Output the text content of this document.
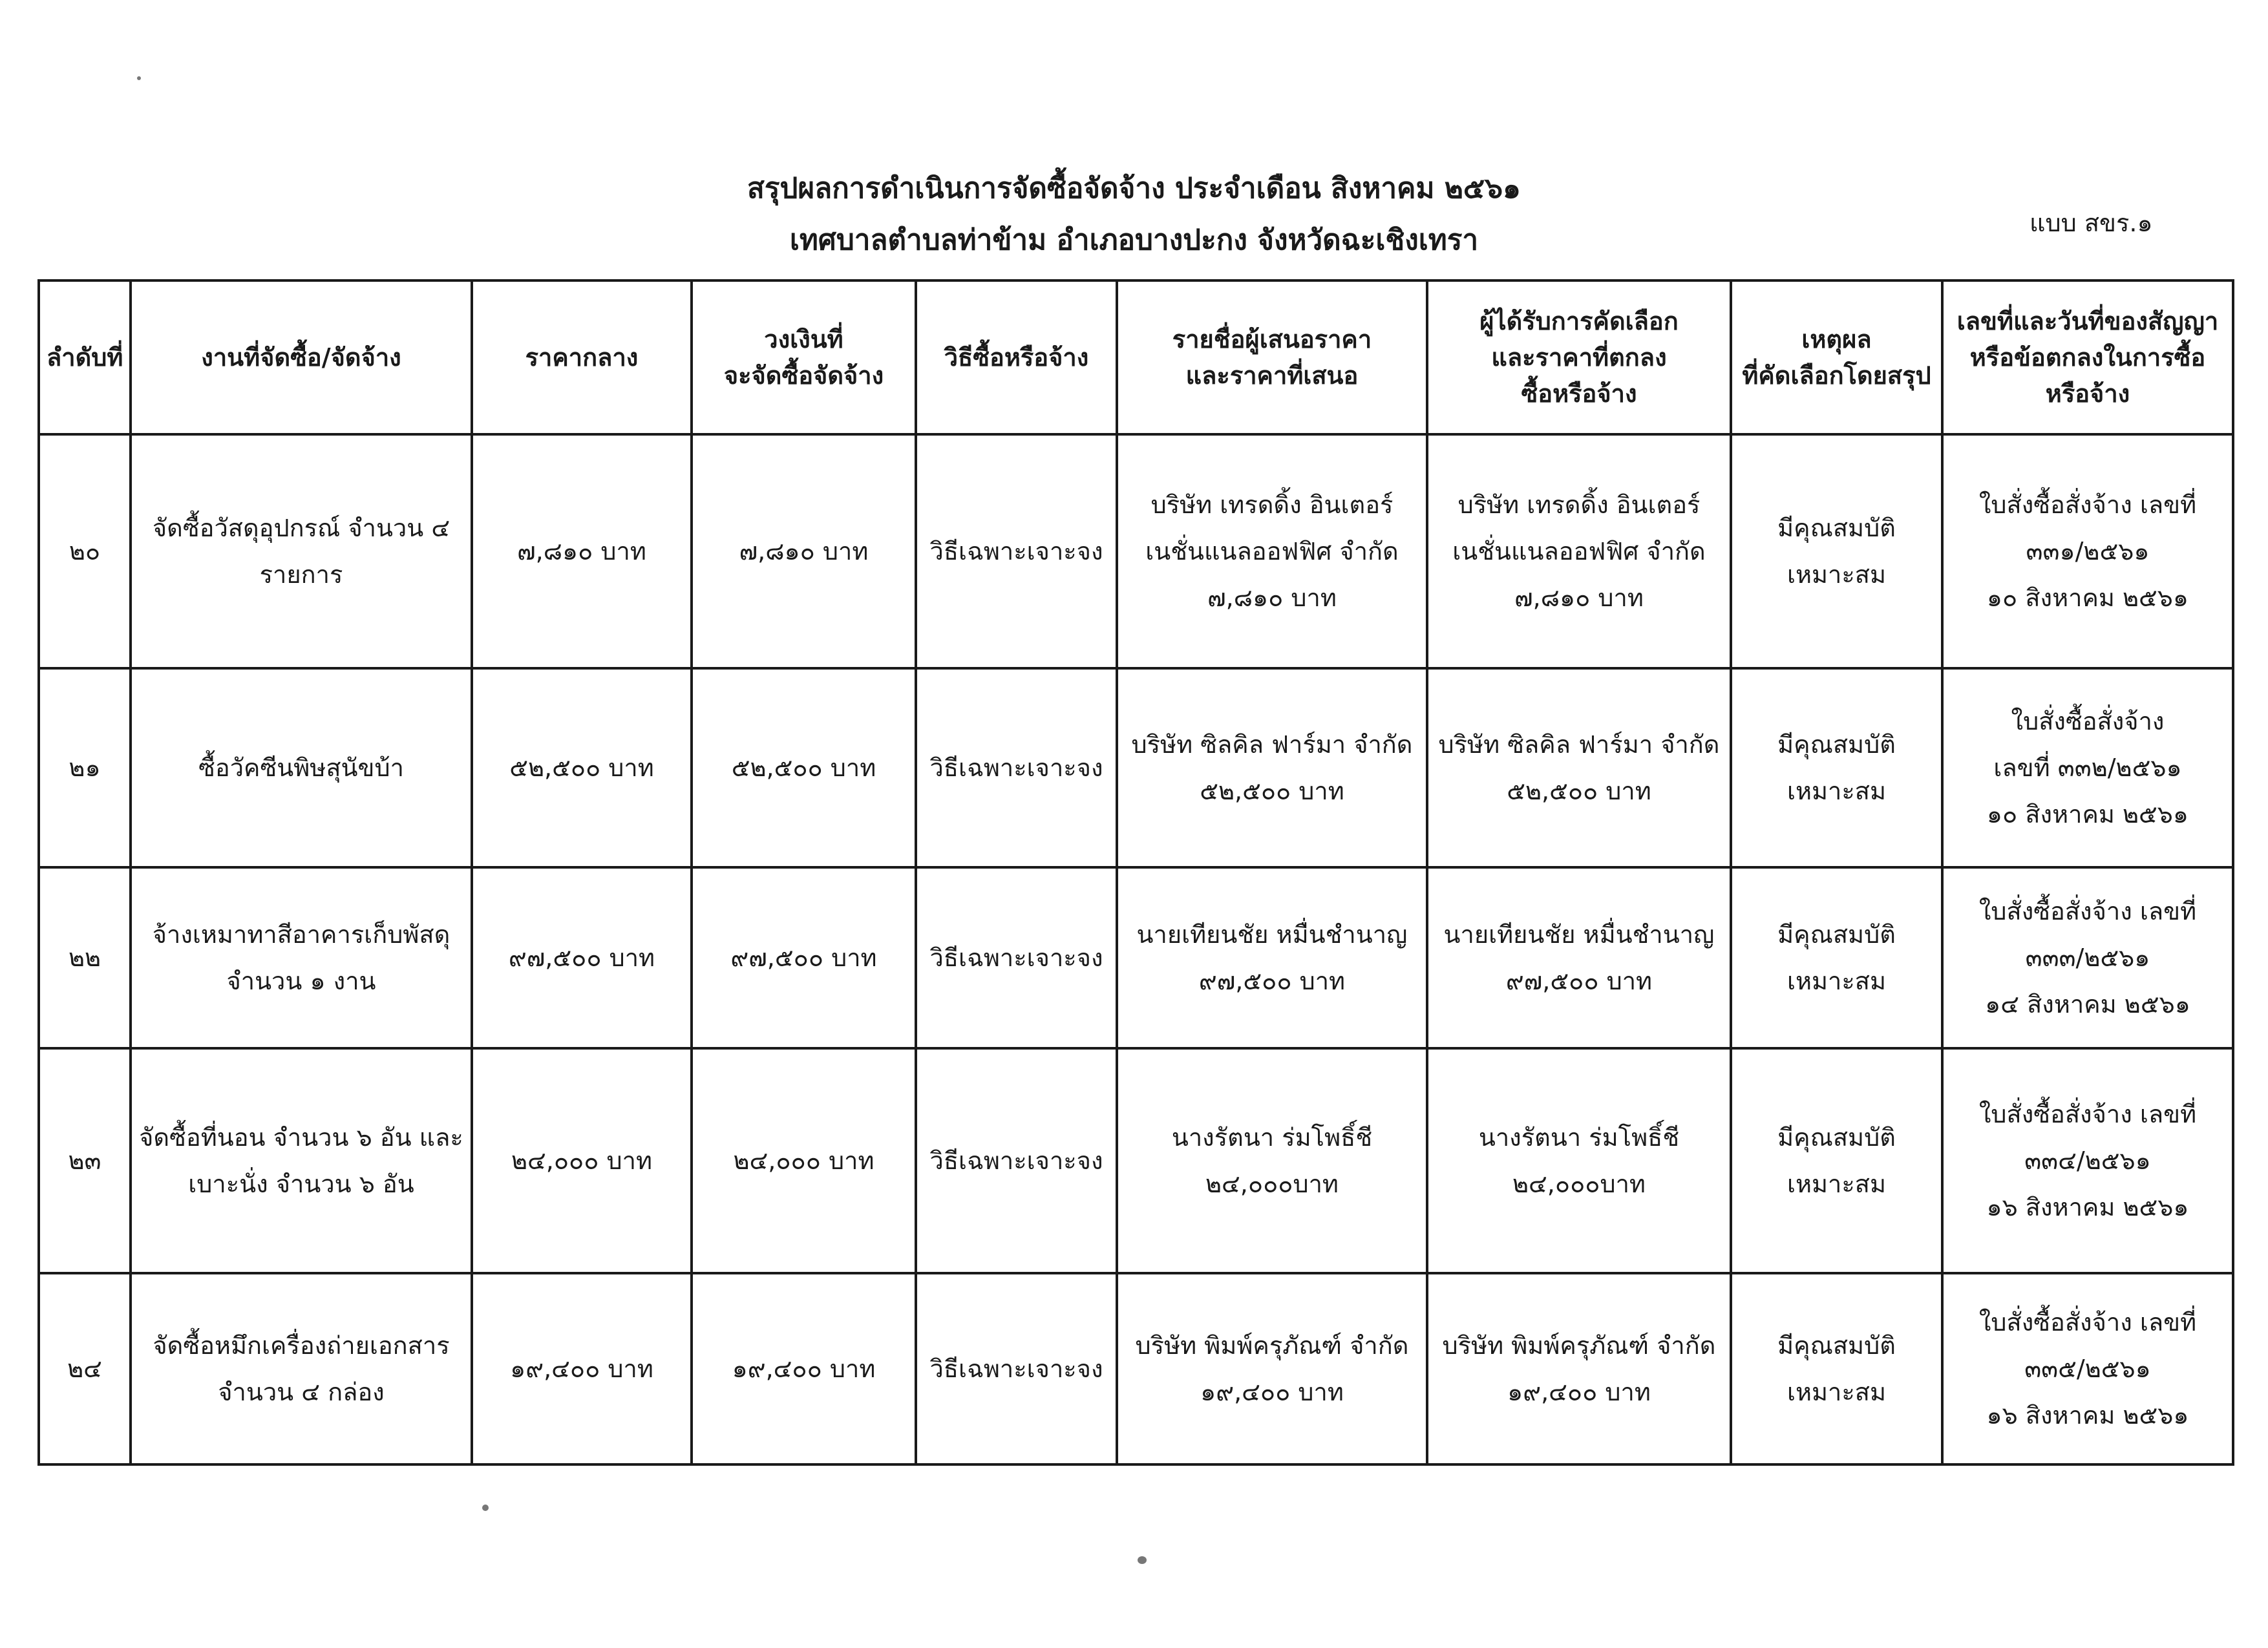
สรุปผลการดำเนินการจัดซื้อจัดจ้าง ประจำเดือน สิงหาคม ๒๕๖๑
เทศบาลตำบลท่าข้าม อำเภอบางปะกง จังหวัดฉะเชิงเทรา
แบบ สขร.๑
ลำดับที่	งานที่จัดซื้อ/จัดจ้าง	ราคากลาง	วงเงินที่
จะจัดซื้อจัดจ้าง	วิธีซื้อหรือจ้าง	รายชื่อผู้เสนอราคา
และราคาที่เสนอ	ผู้ได้รับการคัดเลือก
และราคาที่ตกลง
ซื้อหรือจ้าง	เหตุผล
ที่คัดเลือกโดยสรุป	เลขที่และวันที่ของสัญญา
หรือข้อตกลงในการซื้อ
หรือจ้าง

๒๐	จัดซื้อวัสดุอุปกรณ์ จำนวน ๔
รายการ	๗,๘๑๐ บาท	๗,๘๑๐ บาท	วิธีเฉพาะเจาะจง	บริษัท เทรดดิ้ง อินเตอร์
เนชั่นแนลออฟฟิศ จำกัด
๗,๘๑๐ บาท	บริษัท เทรดดิ้ง อินเตอร์
เนชั่นแนลออฟฟิศ จำกัด
๗,๘๑๐ บาท	มีคุณสมบัติ
เหมาะสม	ใบสั่งซื้อสั่งจ้าง เลขที่
๓๓๑/๒๕๖๑
๑๐ สิงหาคม ๒๕๖๑

๒๑	ซื้อวัคซีนพิษสุนัขบ้า	๕๒,๕๐๐ บาท	๕๒,๕๐๐ บาท	วิธีเฉพาะเจาะจง	บริษัท ซิลคิล ฟาร์มา จำกัด
๕๒,๕๐๐ บาท	บริษัท ซิลคิล ฟาร์มา จำกัด
๕๒,๕๐๐ บาท	มีคุณสมบัติ
เหมาะสม	ใบสั่งซื้อสั่งจ้าง
เลขที่ ๓๓๒/๒๕๖๑
๑๐ สิงหาคม ๒๕๖๑

๒๒	จ้างเหมาทาสีอาคารเก็บพัสดุ
จำนวน ๑ งาน	๙๗,๕๐๐ บาท	๙๗,๕๐๐ บาท	วิธีเฉพาะเจาะจง	นายเทียนชัย หมื่นชำนาญ
๙๗,๕๐๐ บาท	นายเทียนชัย หมื่นชำนาญ
๙๗,๕๐๐ บาท	มีคุณสมบัติ
เหมาะสม	ใบสั่งซื้อสั่งจ้าง เลขที่
๓๓๓/๒๕๖๑
๑๔ สิงหาคม ๒๕๖๑

๒๓	จัดซื้อที่นอน จำนวน ๖ อัน และ
เบาะนั่ง จำนวน ๖ อัน	๒๔,๐๐๐ บาท	๒๔,๐๐๐ บาท	วิธีเฉพาะเจาะจง	นางรัตนา ร่มโพธิ์ชี
๒๔,๐๐๐บาท	นางรัตนา ร่มโพธิ์ชี
๒๔,๐๐๐บาท	มีคุณสมบัติ
เหมาะสม	ใบสั่งซื้อสั่งจ้าง เลขที่
๓๓๔/๒๕๖๑
๑๖ สิงหาคม ๒๕๖๑

๒๔	จัดซื้อหมึกเครื่องถ่ายเอกสาร
จำนวน ๔ กล่อง	๑๙,๔๐๐ บาท	๑๙,๔๐๐ บาท	วิธีเฉพาะเจาะจง	บริษัท พิมพ์ครุภัณฑ์ จำกัด
๑๙,๔๐๐ บาท	บริษัท พิมพ์ครุภัณฑ์ จำกัด
๑๙,๔๐๐ บาท	มีคุณสมบัติ
เหมาะสม	ใบสั่งซื้อสั่งจ้าง เลขที่
๓๓๕/๒๕๖๑
๑๖ สิงหาคม ๒๕๖๑
